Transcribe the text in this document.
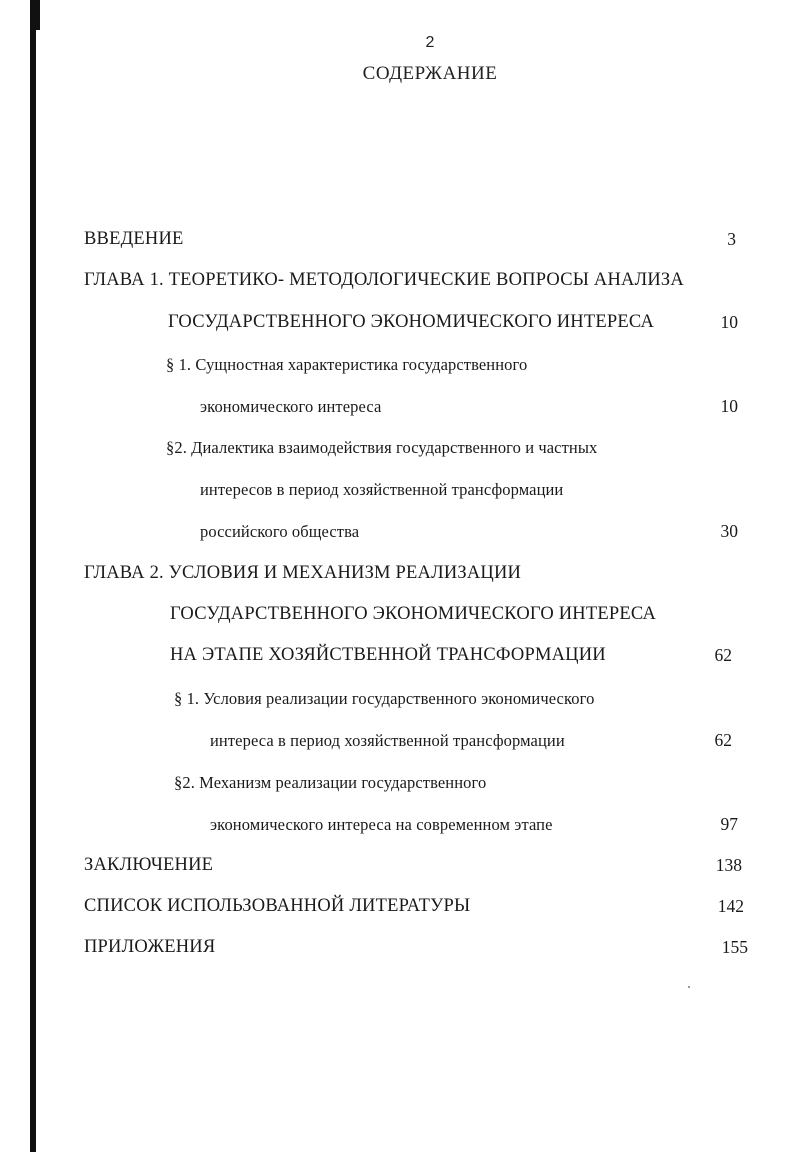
2
СОДЕРЖАНИЕ
ВВЕДЕНИЕ	3
ГЛАВА 1. ТЕОРЕТИКО- МЕТОДОЛОГИЧЕСКИЕ ВОПРОСЫ АНАЛИЗА
ГОСУДАРСТВЕННОГО ЭКОНОМИЧЕСКОГО ИНТЕРЕСА	10
§ 1. Сущностная характеристика государственного
экономического интереса	10
§2. Диалектика взаимодействия государственного и частных
интересов в период хозяйственной трансформации
российского общества	30
ГЛАВА 2. УСЛОВИЯ И МЕХАНИЗМ РЕАЛИЗАЦИИ
ГОСУДАРСТВЕННОГО ЭКОНОМИЧЕСКОГО ИНТЕРЕСА
НА ЭТАПЕ ХОЗЯЙСТВЕННОЙ ТРАНСФОРМАЦИИ	62
§ 1. Условия реализации государственного экономического
интереса в период хозяйственной трансформации	62
§2. Механизм реализации государственного
экономического интереса на современном этапе	97
ЗАКЛЮЧЕНИЕ	138
СПИСОК ИСПОЛЬЗОВАННОЙ ЛИТЕРАТУРЫ	142
ПРИЛОЖЕНИЯ	155
